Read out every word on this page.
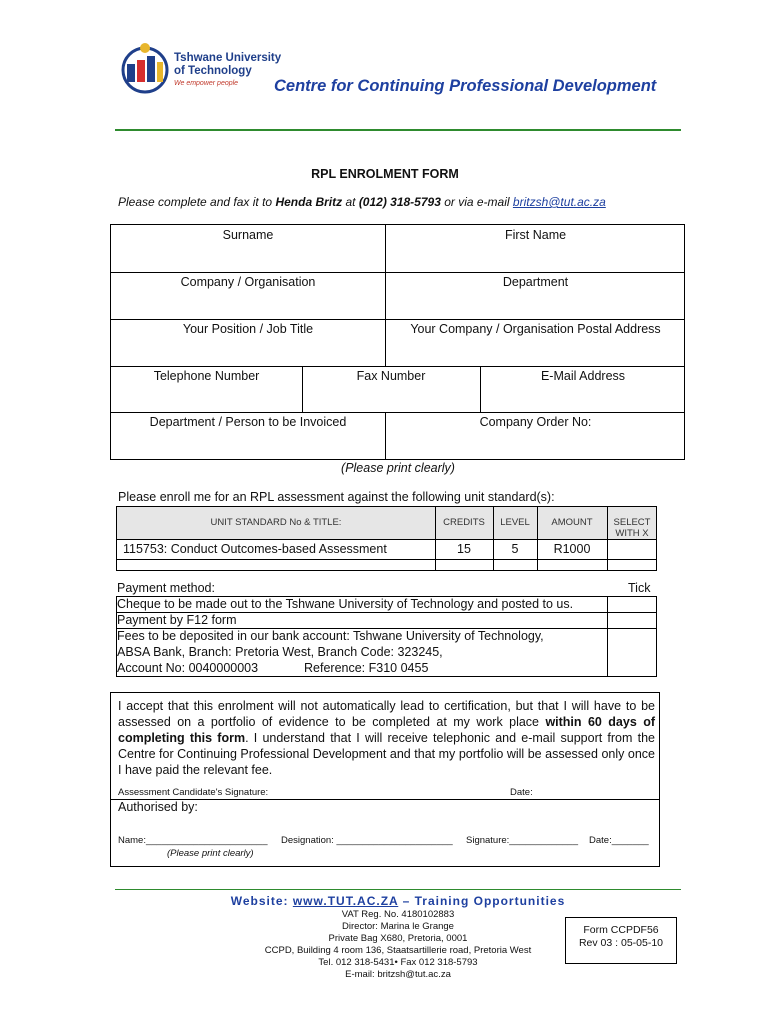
Tshwane University
of Technology
We empower people Centre for Continuing Professional Development
RPL ENROLMENT FORM
Please complete and fax it to Henda Britz at (012) 318-5793 or via e-mail britzsh@tut.ac.za
Surname	First Name
Company / Organisation	Department
Your Position / Job Title	Your Company / Organisation Postal Address
Telephone Number	Fax Number	E-Mail Address
Department / Person to be Invoiced	Company Order No:
(Please print clearly)
Please enroll me for an RPL assessment against the following unit standard(s):
UNIT STANDARD No & TITLE:	CREDITS	LEVEL	AMOUNT	SELECT WITH X
115753: Conduct Outcomes-based Assessment	15	5	R1000
Payment method:	Tick
Cheque to be made out to the Tshwane University of Technology and posted to us.
Payment by F12 form
Fees to be deposited in our bank account: Tshwane University of Technology,
ABSA Bank, Branch: Pretoria West, Branch Code: 323245,
Account No: 0040000003	Reference: F310 0455
I accept that this enrolment will not automatically lead to certification, but that I will have to be assessed on a portfolio of evidence to be completed at my work place within 60 days of completing this form. I understand that I will receive telephonic and e-mail support from the Centre for Continuing Professional Development and that my portfolio will be assessed only once I have paid the relevant fee.
Assessment Candidate's Signature:	Date:
Authorised by:
Name:_______________________ Designation: ______________________ Signature:_____________ Date:_______
(Please print clearly)
Website: www.TUT.AC.ZA – Training Opportunities
VAT Reg. No. 4180102883
Director: Marina le Grange
Private Bag X680, Pretoria, 0001
CCPD, Building 4 room 136, Staatsartillerie road, Pretoria West
Tel. 012 318-5431• Fax 012 318-5793
E-mail: britzsh@tut.ac.za
Form CCPDF56
Rev 03 : 05-05-10
